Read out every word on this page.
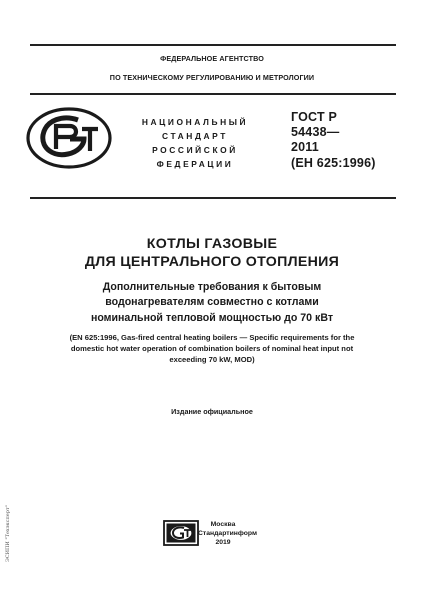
ФЕДЕРАЛЬНОЕ АГЕНТСТВО
ПО ТЕХНИЧЕСКОМУ РЕГУЛИРОВАНИЮ И МЕТРОЛОГИИ
НАЦИОНАЛЬНЫЙ
СТАНДАРТ
РОССИЙСКОЙ
ФЕДЕРАЦИИ
ГОСТ Р
54438—
2011
(ЕН 625:1996)
КОТЛЫ ГАЗОВЫЕ
ДЛЯ ЦЕНТРАЛЬНОГО ОТОПЛЕНИЯ
Дополнительные требования к бытовым
водонагревателям совместно с котлами
номинальной тепловой мощностью до 70 кВт
(EN 625:1996, Gas-fired central heating boilers — Specific requirements for the
domestic hot water operation of combination boilers of nominal heat input not
exceeding 70 kW, MOD)
Издание официальное
Москва
Стандартинформ
2019
ЭСИПИ "Техэксперт"
